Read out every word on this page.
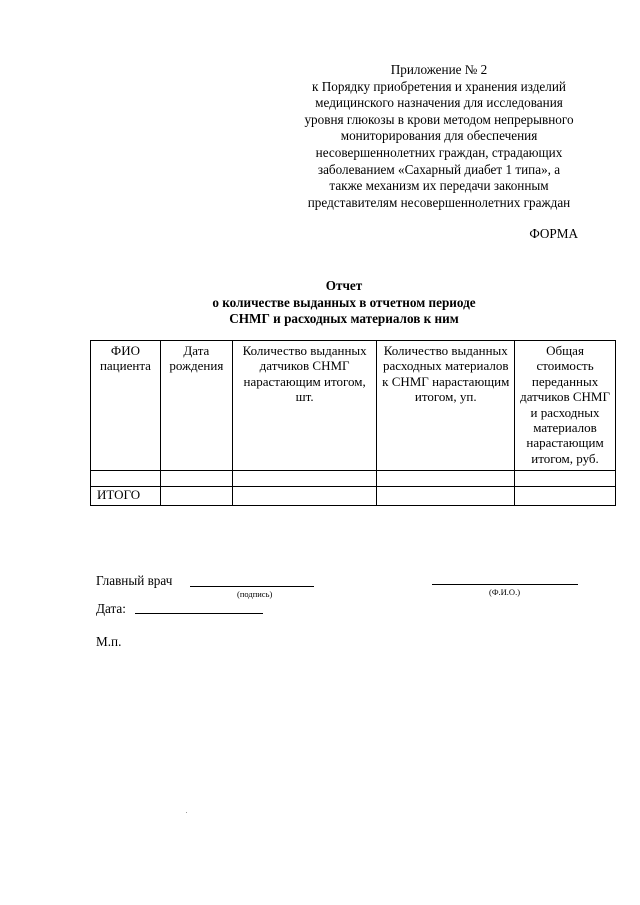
Приложение № 2
к Порядку приобретения и хранения изделий
медицинского назначения для исследования
уровня глюкозы в крови методом непрерывного
мониторирования для обеспечения
несовершеннолетних граждан, страдающих
заболеванием «Сахарный диабет 1 типа», а
также механизм их передачи законным
представителям несовершеннолетних граждан
ФОРМА
Отчет
о количестве выданных в отчетном периоде
СНМГ и расходных материалов к ним
ФИО пациента	Дата рождения	Количество выданных датчиков СНМГ нарастающим итогом, шт.	Количество выданных расходных материалов к СНМГ нарастающим итогом, уп.	Общая стоимость переданных датчиков СНМГ и расходных материалов нарастающим итогом, руб.

ИТОГО				
Главный врач
(подпись)	(Ф.И.О.)
Дата:
М.п.
